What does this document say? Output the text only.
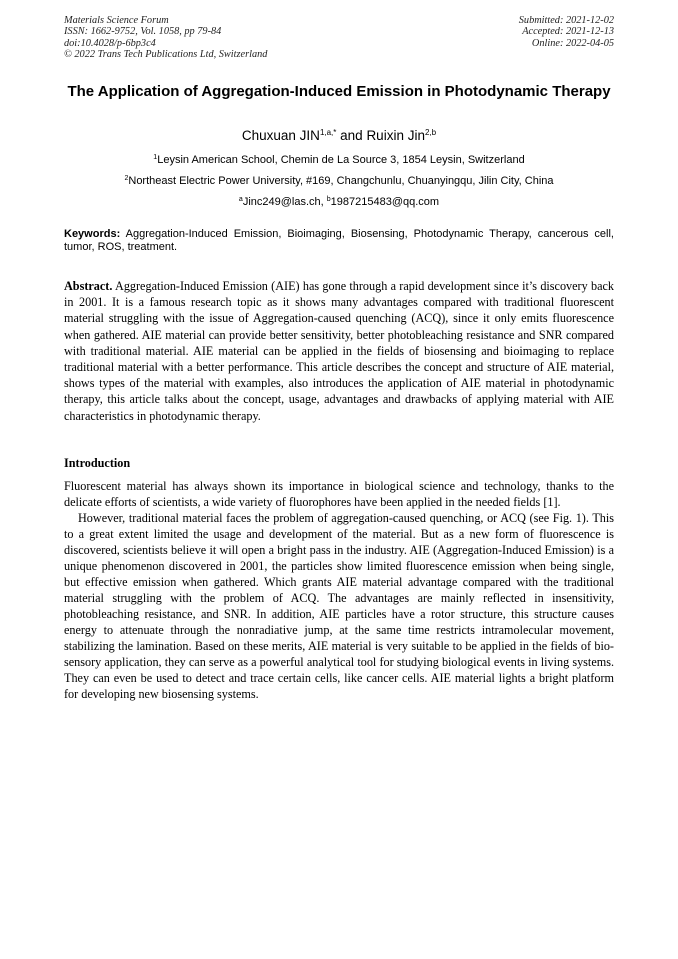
Materials Science Forum
ISSN: 1662-9752, Vol. 1058, pp 79-84
doi:10.4028/p-6bp3c4
© 2022 Trans Tech Publications Ltd, Switzerland
Submitted: 2021-12-02
Accepted: 2021-12-13
Online: 2022-04-05
The Application of Aggregation-Induced Emission in Photodynamic Therapy
Chuxuan $JIN^{1,a,*}$ and Ruixin Jin$^{2,b}$
$^1$Leysin American School, Chemin de La Source 3, 1854 Leysin, Switzerland
$^2$Northeast Electric Power University, #169, Changchunlu, Chuanyingqu, Jilin City, China
$^a$Jinc249@las.ch, $^b$1987215483@qq.com
Keywords: Aggregation-Induced Emission, Bioimaging, Biosensing, Photodynamic Therapy, cancerous cell, tumor, ROS, treatment.
Abstract. Aggregation-Induced Emission (AIE) has gone through a rapid development since it’s discovery back in 2001. It is a famous research topic as it shows many advantages compared with traditional fluorescent material struggling with the issue of Aggregation-caused quenching (ACQ), since it only emits fluorescence when gathered. AIE material can provide better sensitivity, better photobleaching resistance and SNR compared with traditional material. AIE material can be applied in the fields of biosensing and bioimaging to replace traditional material with a better performance. This article describes the concept and structure of AIE material, shows types of the material with examples, also introduces the application of AIE material in photodynamic therapy, this article talks about the concept, usage, advantages and drawbacks of applying material with AIE characteristics in photodynamic therapy.
Introduction

Fluorescent material has always shown its importance in biological science and technology, thanks to the delicate efforts of scientists, a wide variety of fluorophores have been applied in the needed fields [1].

However, traditional material faces the problem of aggregation-caused quenching, or ACQ (see Fig. 1). This to a great extent limited the usage and development of the material. But as a new form of fluorescence is discovered, scientists believe it will open a bright pass in the industry. AIE (Aggregation-Induced Emission) is a unique phenomenon discovered in 2001, the particles show limited fluorescence emission when being single, but effective emission when gathered. Which grants AIE material advantage compared with the traditional material struggling with the problem of ACQ. The advantages are mainly reflected in insensitivity, photobleaching resistance, and SNR. In addition, AIE particles have a rotor structure, this structure causes energy to attenuate through the nonradiative jump, at the same time restricts intramolecular movement, stabilizing the lamination. Based on these merits, AIE material is very suitable to be applied in the fields of bio-sensory application, they can serve as a powerful analytical tool for studying biological events in living systems. They can even be used to detect and trace certain cells, like cancer cells. AIE material lights a bright platform for developing new biosensing systems.
